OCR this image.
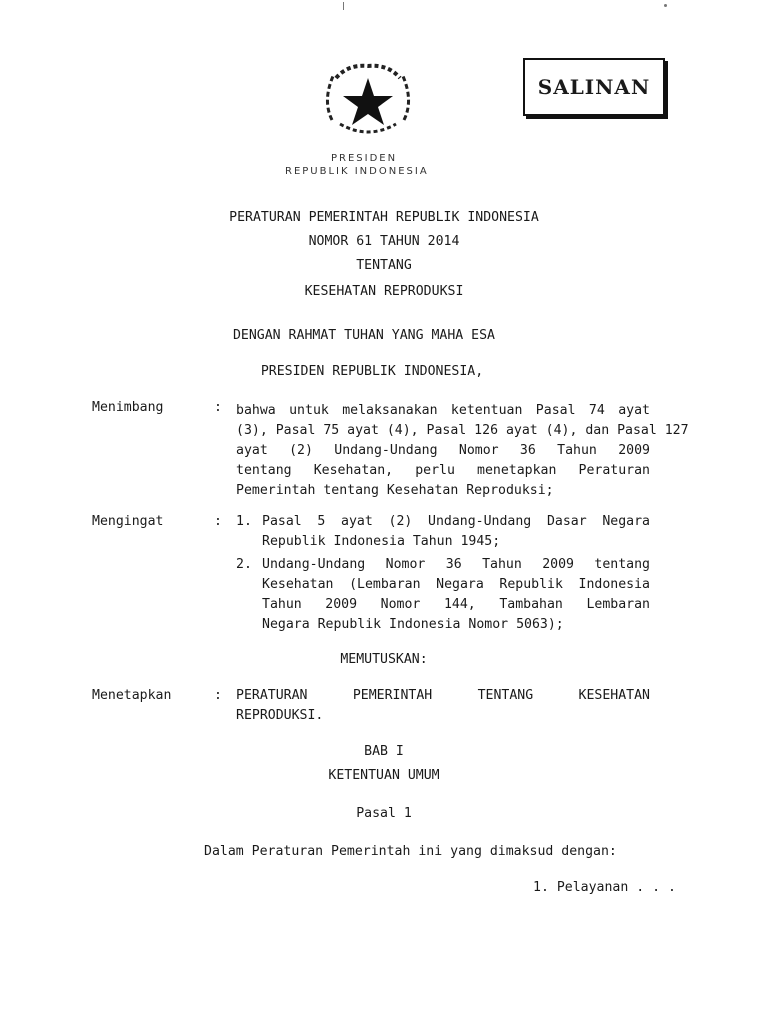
SALINAN
PRESIDEN
REPUBLIK INDONESIA
PERATURAN PEMERINTAH REPUBLIK INDONESIA
NOMOR 61 TAHUN 2014
TENTANG
KESEHATAN REPRODUKSI
DENGAN RAHMAT TUHAN YANG MAHA ESA
PRESIDEN REPUBLIK INDONESIA,
Menimbang	: bahwa untuk melaksanakan ketentuan Pasal 74 ayat
(3), Pasal 75 ayat (4), Pasal 126 ayat (4), dan Pasal 127
ayat (2) Undang-Undang Nomor 36 Tahun 2009
tentang Kesehatan, perlu menetapkan Peraturan
Pemerintah tentang Kesehatan Reproduksi;
Mengingat	: 1. Pasal 5 ayat (2) Undang-Undang Dasar Negara
Republik Indonesia Tahun 1945;
2. Undang-Undang Nomor 36 Tahun 2009 tentang
Kesehatan (Lembaran Negara Republik Indonesia
Tahun 2009 Nomor 144, Tambahan Lembaran
Negara Republik Indonesia Nomor 5063);
MEMUTUSKAN:
Menetapkan	: PERATURAN PEMERINTAH TENTANG KESEHATAN
REPRODUKSI.
BAB I
KETENTUAN UMUM
Pasal 1
Dalam Peraturan Pemerintah ini yang dimaksud dengan:
1. Pelayanan . . .
